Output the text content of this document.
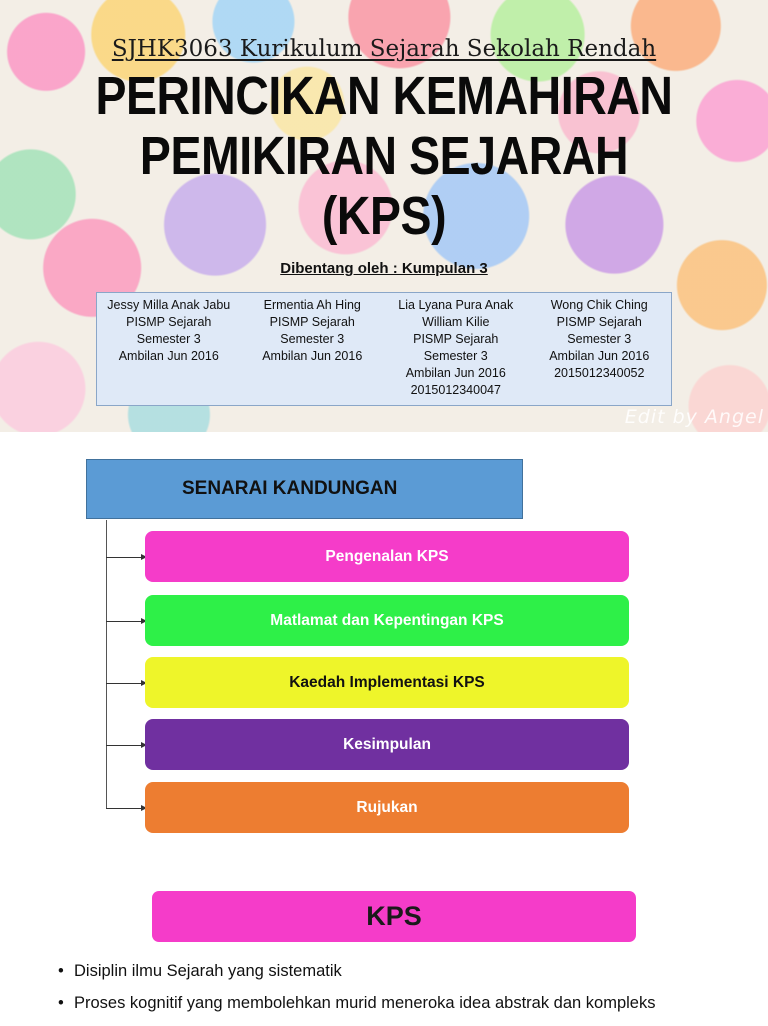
SJHK3063 Kurikulum Sejarah Sekolah Rendah
PERINCIKAN KEMAHIRAN
PEMIKIRAN SEJARAH
(KPS)
Dibentang oleh : Kumpulan 3
Jessy Milla Anak Jabu
PISMP Sejarah
Semester 3
Ambilan Jun 2016
Ermentia Ah Hing
PISMP Sejarah
Semester 3
Ambilan Jun 2016
Lia Lyana Pura Anak
William Kilie
PISMP Sejarah
Semester 3
Ambilan Jun 2016
2015012340047
Wong Chik Ching
PISMP Sejarah
Semester 3
Ambilan Jun 2016
2015012340052
Edit by Angel
SENARAI KANDUNGAN
Pengenalan KPS
Matlamat dan Kepentingan KPS
Kaedah Implementasi KPS
Kesimpulan
Rujukan
KPS
• Disiplin ilmu Sejarah yang sistematik
• Proses kognitif yang membolehkan murid meneroka idea abstrak dan kompleks
